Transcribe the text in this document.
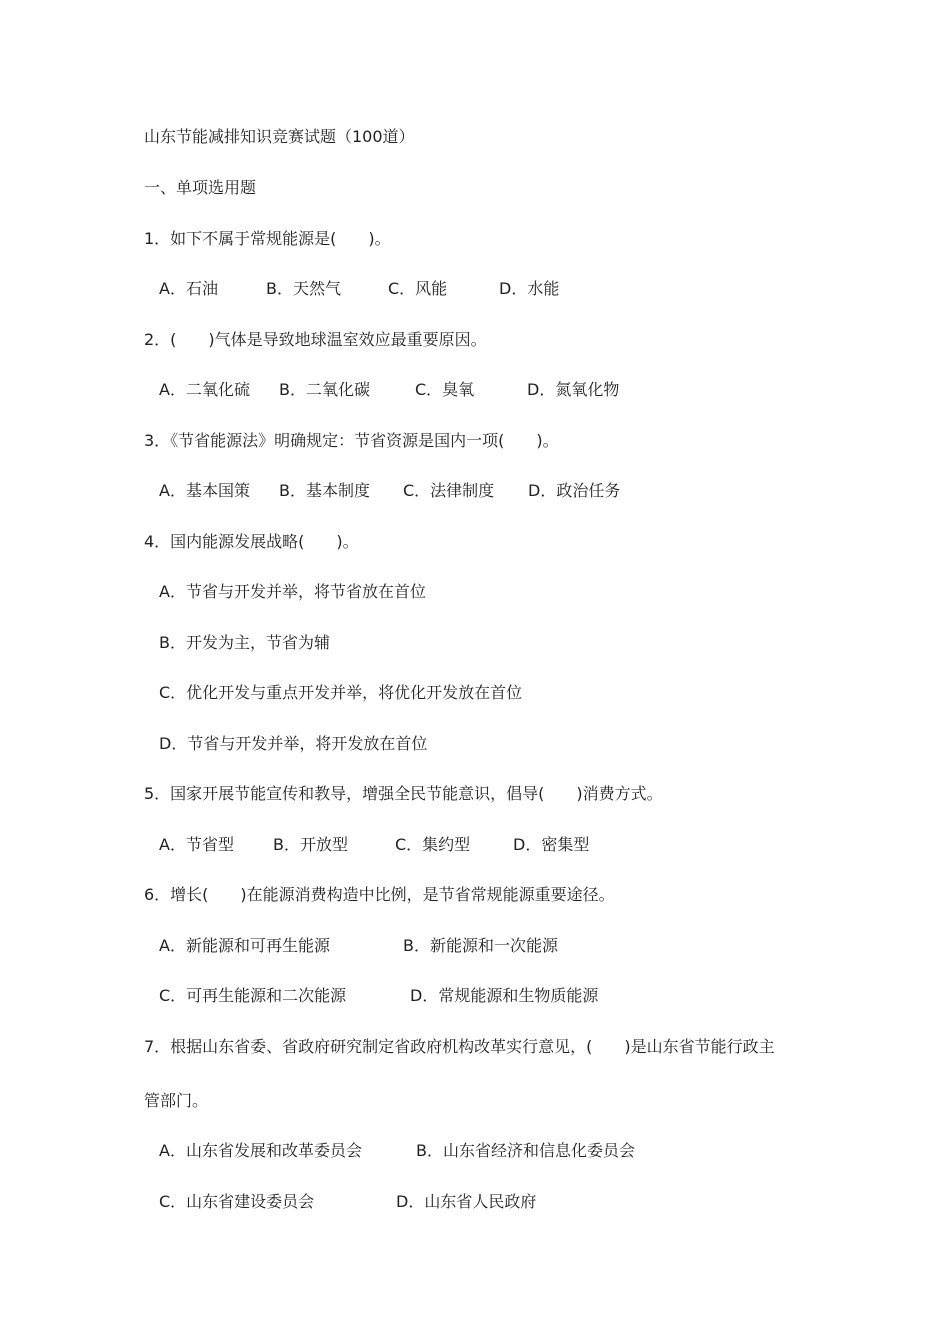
山东节能减排知识竞赛试题（100道）
一、单项选用题
1．如下不属于常规能源是(　　)。
A．石油	B．天然气	C．风能	D．水能
2．(　　)气体是导致地球温室效应最重要原因。
A．二氧化硫 B．二氧化碳	C．臭氧	D．氮氧化物
3．《节省能源法》明确规定：节省资源是国内一项(　　)。
A．基本国策 B．基本制度 C．法律制度 D．政治任务
4．国内能源发展战略(　　)。
A．节省与开发并举，将节省放在首位
B．开发为主，节省为辅
C．优化开发与重点开发并举，将优化开发放在首位
D．节省与开发并举，将开发放在首位
5．国家开展节能宣传和教导，增强全民节能意识，倡导(　　)消费方式。
A．节省型 B．开放型	C．集约型	D．密集型
6．增长(　　)在能源消费构造中比例，是节省常规能源重要途径。
A．新能源和可再生能源	B．新能源和一次能源
C．可再生能源和二次能源	D．常规能源和生物质能源
7．根据山东省委、省政府研究制定省政府机构改革实行意见，(　　)是山东省节能行政主
管部门。
A．山东省发展和改革委员会	B．山东省经济和信息化委员会
C．山东省建设委员会	D．山东省人民政府
